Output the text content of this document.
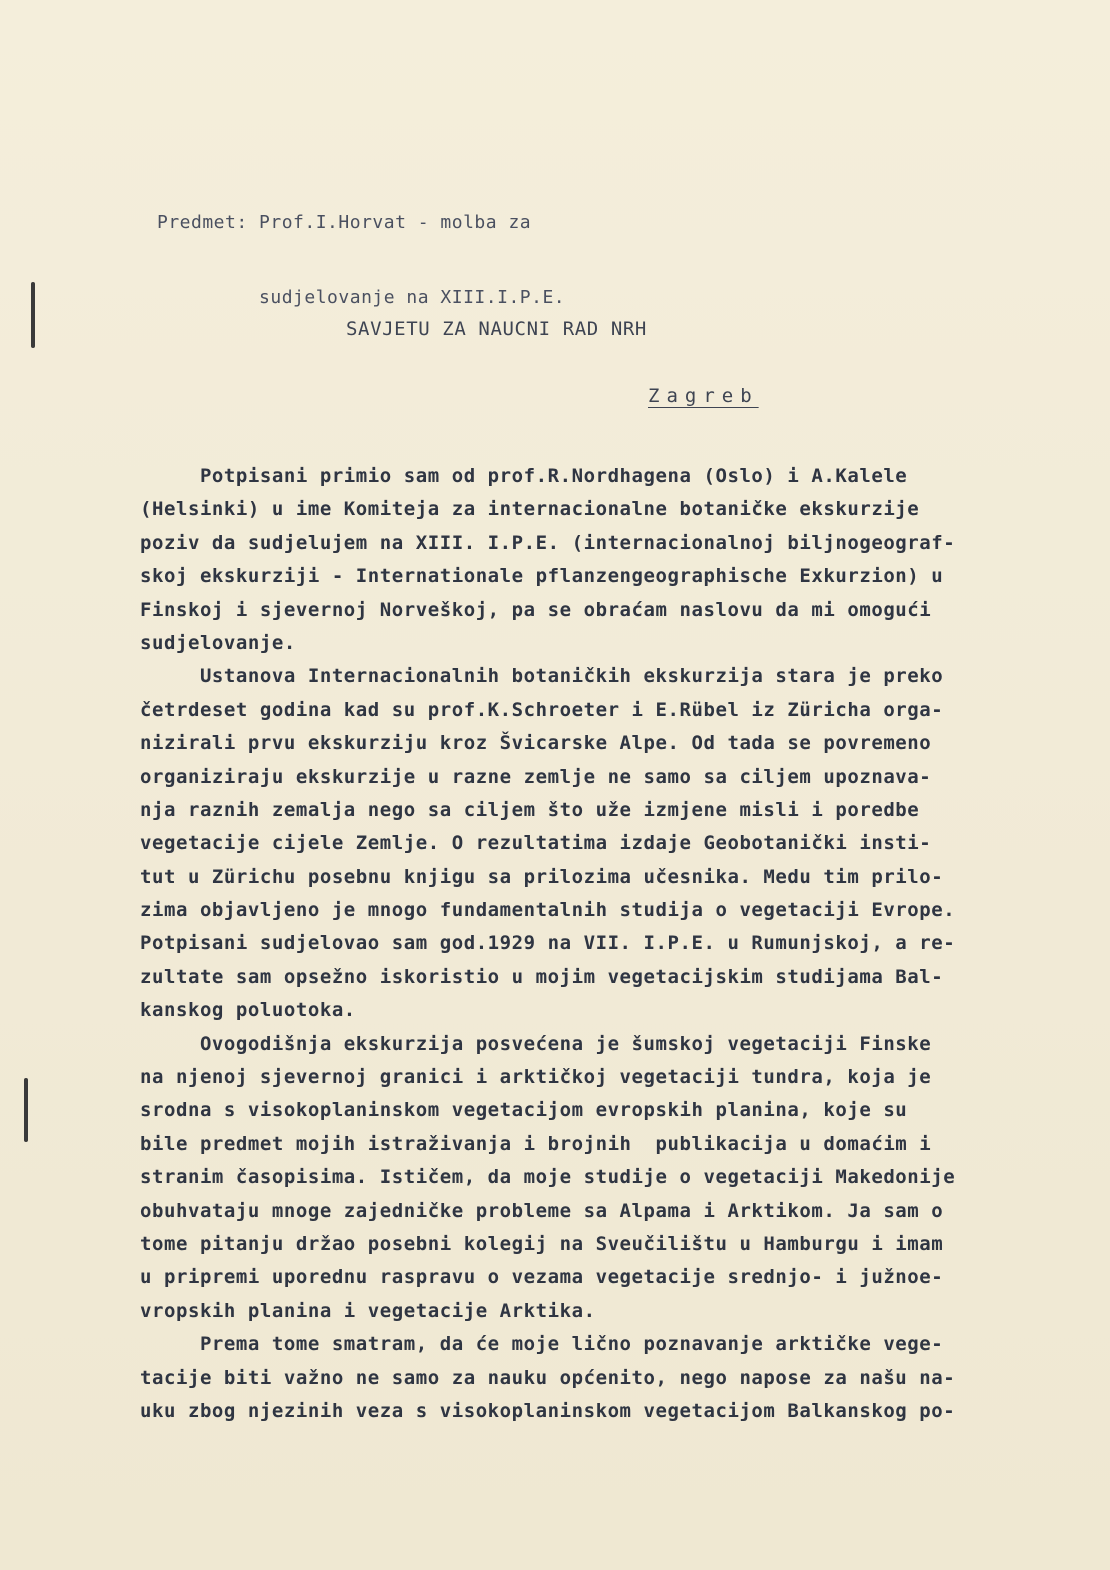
Predmet: Prof.I.Horvat - molba za

sudjelovanje na XIII.I.P.E.

SAVJETU ZA NAUCNI RAD NRH
Zagreb
Potpisani primio sam od prof.R.Nordhagena (Oslo) i A.Kalele
(Helsinki) u ime Komiteja za internacionalne botaničke ekskurzije
poziv da sudjelujem na XIII. I.P.E. (internacionalnoj biljnogeograf-
skoj ekskurziji - Internationale pflanzengeographische Exkurzion) u
Finskoj i sjevernoj Norveškoj, pa se obraćam naslovu da mi omogući
sudjelovanje.
Ustanova Internacionalnih botaničkih ekskurzija stara je preko
četrdeset godina kad su prof.K.Schroeter i E.Rübel iz Züricha orga-
nizirali prvu ekskurziju kroz Švicarske Alpe. Od tada se povremeno
organiziraju ekskurzije u razne zemlje ne samo sa ciljem upoznava-
nja raznih zemalja nego sa ciljem što uže izmjene misli i poredbe
vegetacije cijele Zemlje. O rezultatima izdaje Geobotanički insti-
tut u Zürichu posebnu knjigu sa prilozima učesnika. Medu tim prilo-
zima objavljeno je mnogo fundamentalnih studija o vegetaciji Evrope.
Potpisani sudjelovao sam god.1929 na VII. I.P.E. u Rumunjskoj, a re-
zultate sam opsežno iskoristio u mojim vegetacijskim studijama Bal-
kanskog poluotoka.
Ovogodišnja ekskurzija posvećena je šumskoj vegetaciji Finske
na njenoj sjevernoj granici i arktičkoj vegetaciji tundra, koja je
srodna s visokoplaninskom vegetacijom evropskih planina, koje su
bile predmet mojih istraživanja i brojnih  publikacija u domaćim i
stranim časopisima. Ističem, da moje studije o vegetaciji Makedonije
obuhvataju mnoge zajedničke probleme sa Alpama i Arktikom. Ja sam o
tome pitanju držao posebni kolegij na Sveučilištu u Hamburgu i imam
u pripremi uporednu raspravu o vezama vegetacije srednjo- i južnoe-
vropskih planina i vegetacije Arktika.
Prema tome smatram, da će moje lično poznavanje arktičke vege-
tacije biti važno ne samo za nauku općenito, nego napose za našu na-
uku zbog njezinih veza s visokoplaninskom vegetacijom Balkanskog po-
